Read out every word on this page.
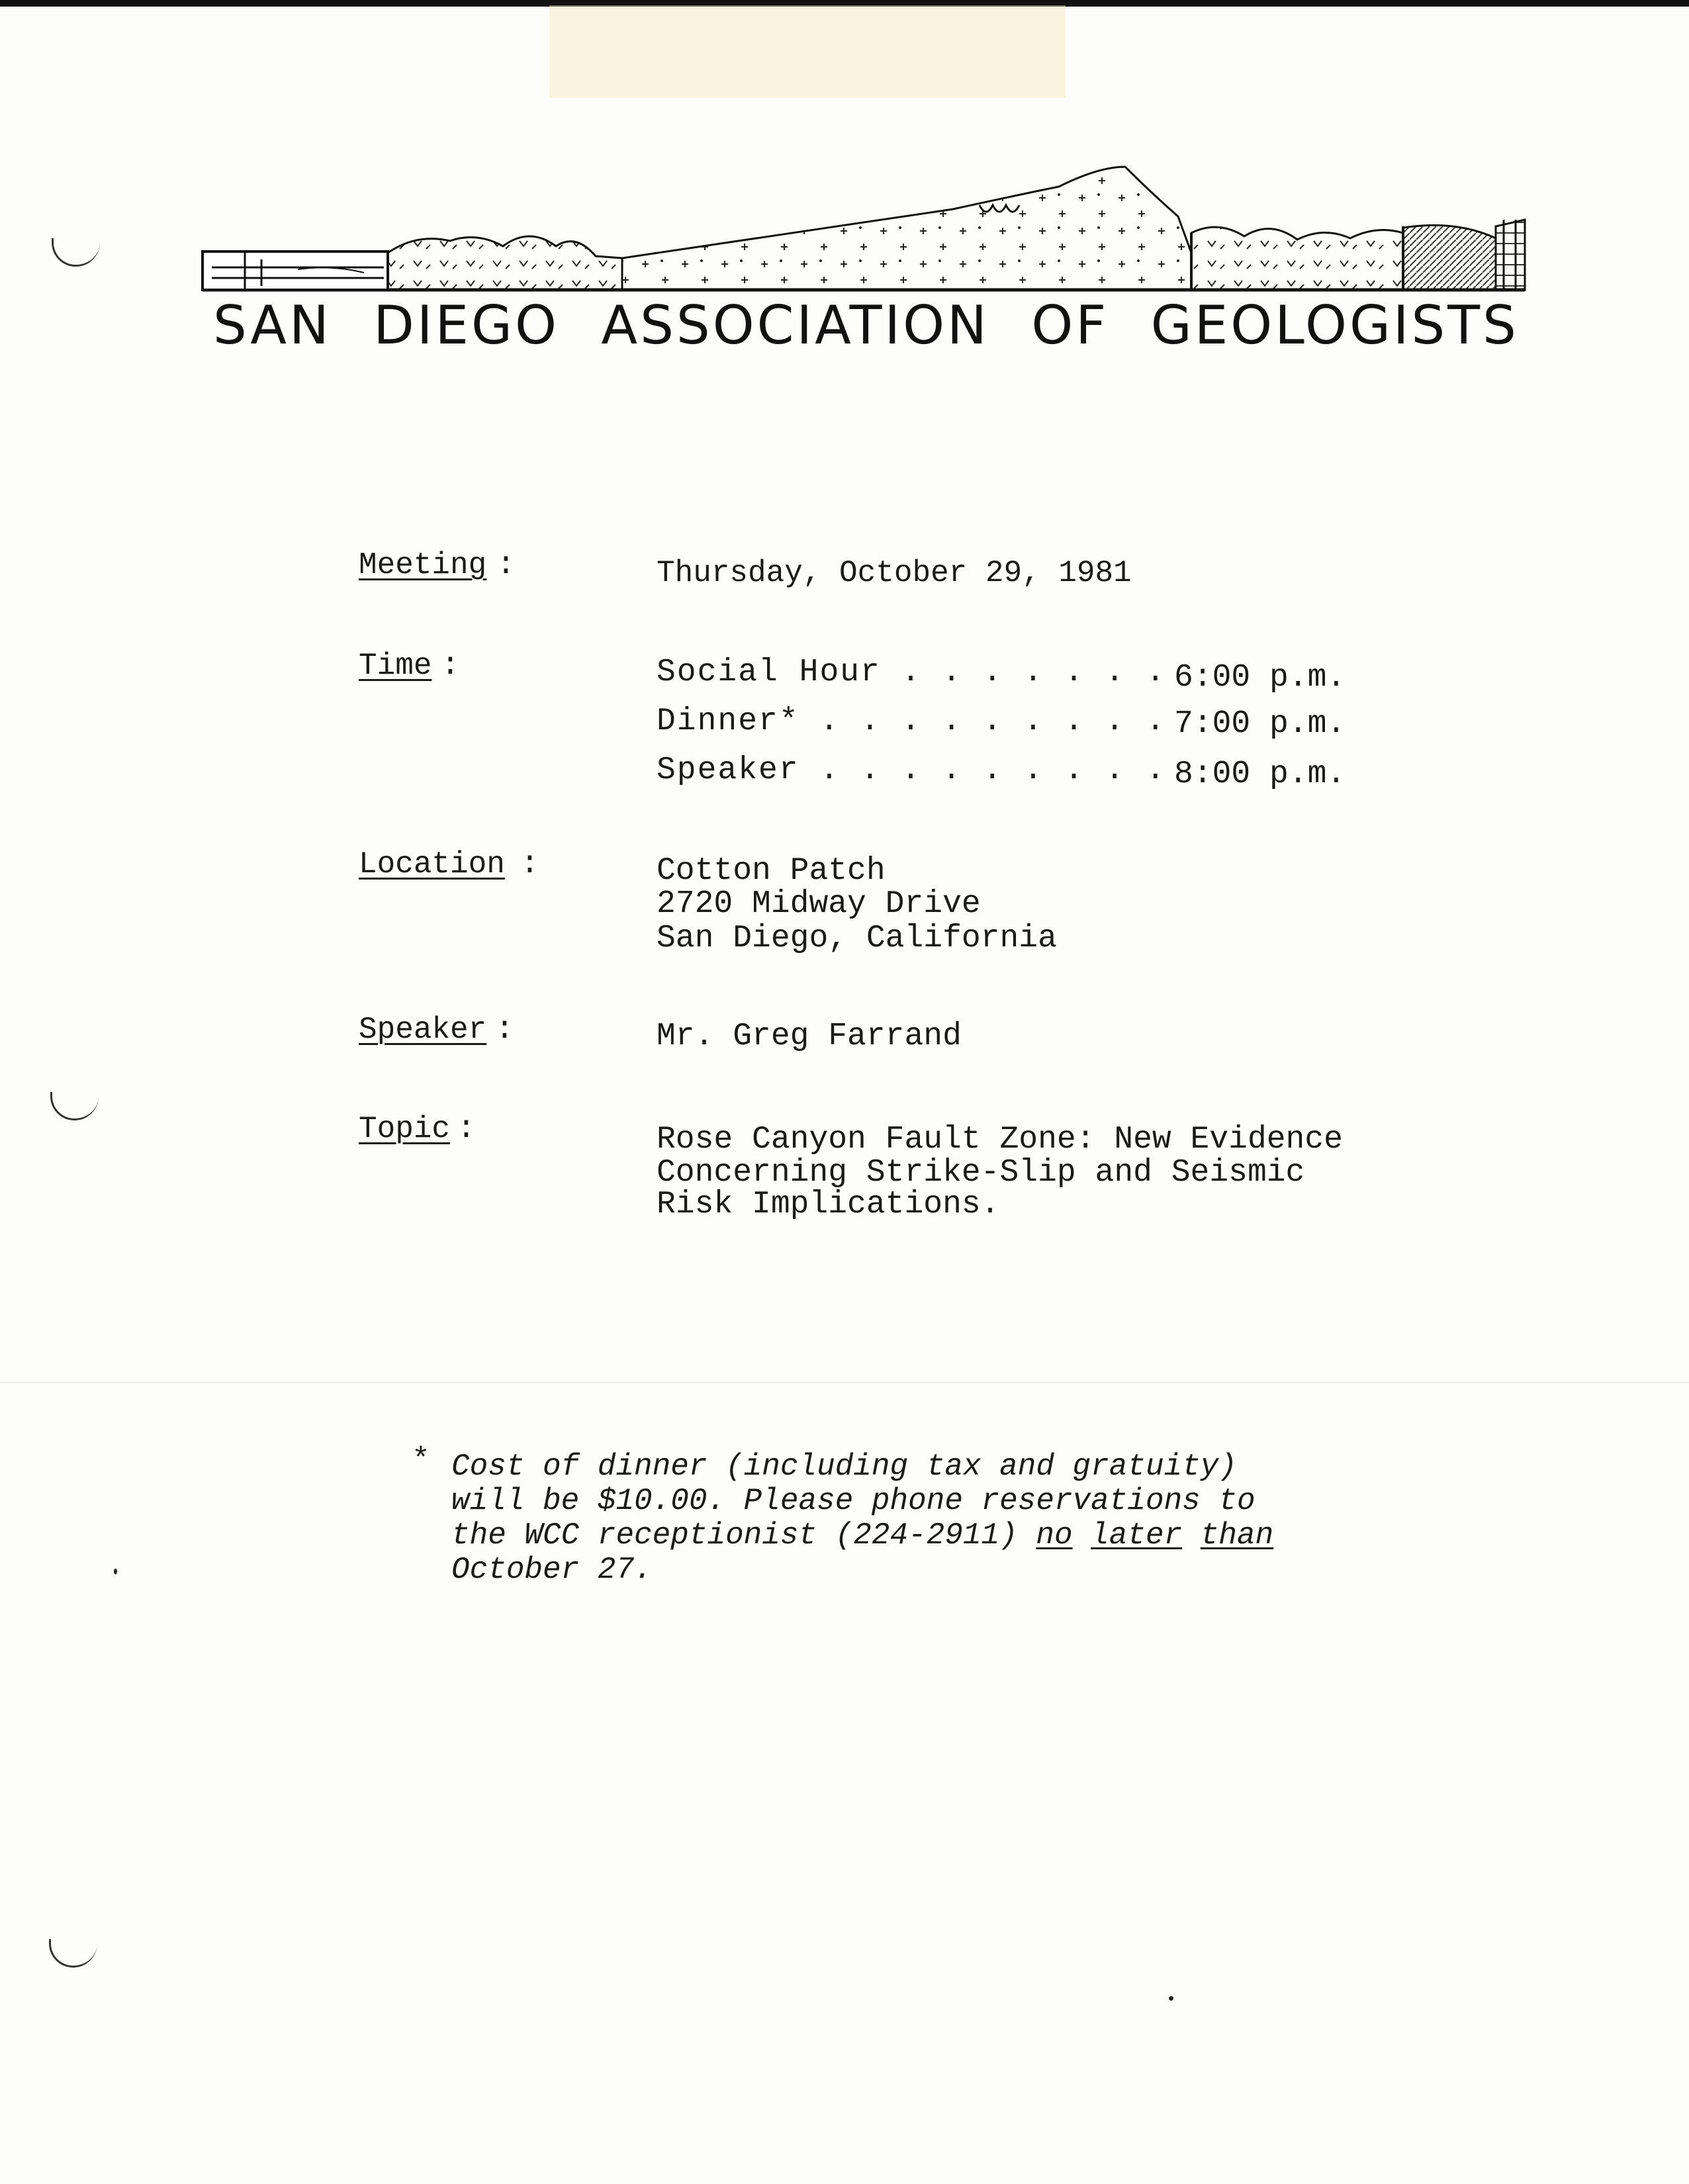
SAN DIEGO ASSOCIATION OF GEOLOGISTS
Meeting :	Thursday, October 29, 1981
Time :	Social Hour . . . . . . . 6:00 p.m.
Dinner* . . . . . . . . . 7:00 p.m.
Speaker . . . . . . . . . 8:00 p.m.
Location :	Cotton Patch
2720 Midway Drive
San Diego, California
Speaker :	Mr. Greg Farrand
Topic :	Rose Canyon Fault Zone: New Evidence
Concerning Strike-Slip and Seismic
Risk Implications.
* Cost of dinner (including tax and gratuity)
will be $10.00. Please phone reservations to
the WCC receptionist (224-2911) no later than
October 27.
